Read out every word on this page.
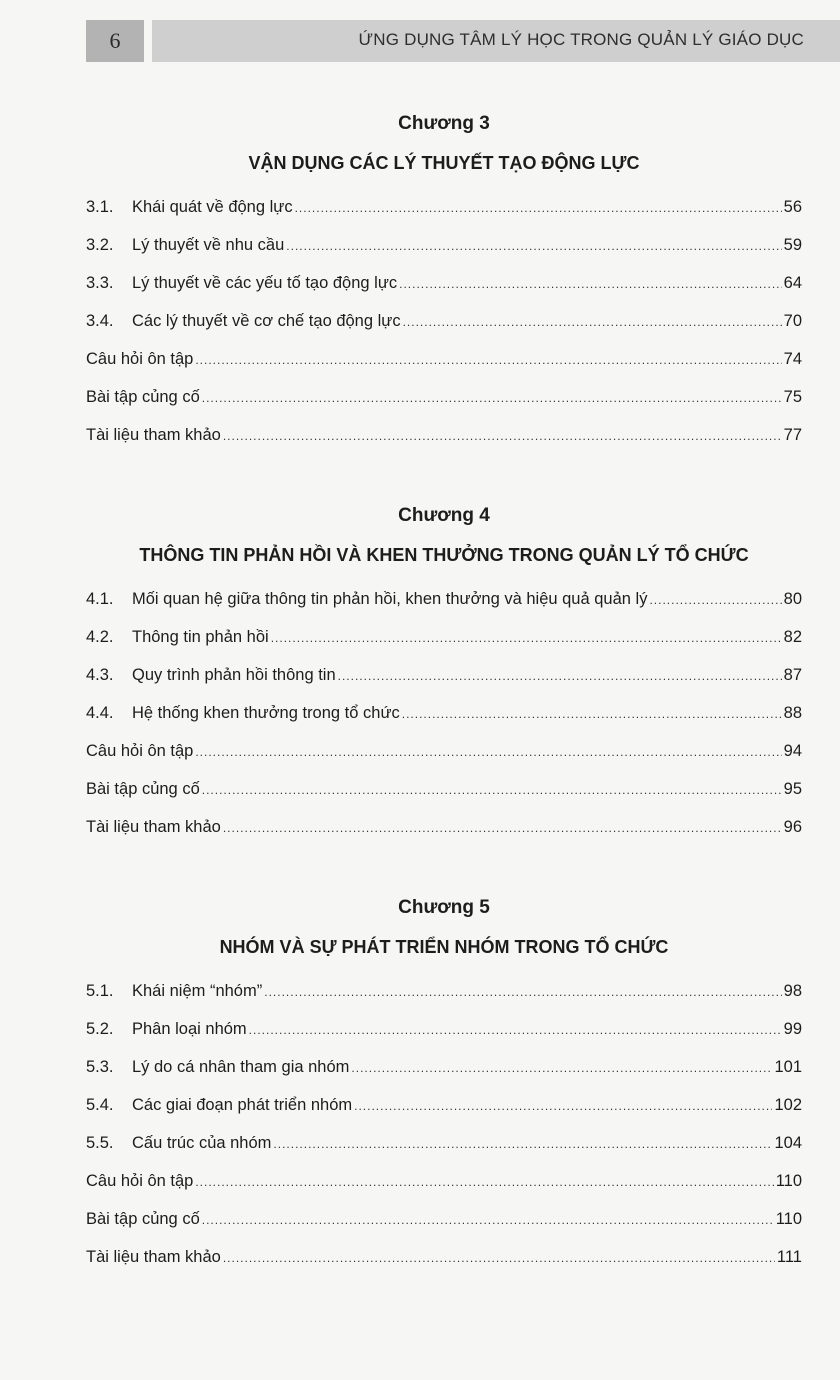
6	ỨNG DỤNG TÂM LÝ HỌC TRONG QUẢN LÝ GIÁO DỤC
Chương 3
VẬN DỤNG CÁC LÝ THUYẾT TẠO ĐỘNG LỰC
3.1.	Khái quát về động lực .....	56
3.2.	Lý thuyết về nhu cầu .....	59
3.3.	Lý thuyết về các yếu tố tạo động lực .....	64
3.4.	Các lý thuyết về cơ chế tạo động lực .....	70
Câu hỏi ôn tập .....	74
Bài tập củng cố .....	75
Tài liệu tham khảo .....	77
Chương 4
THÔNG TIN PHẢN HỒI VÀ KHEN THƯỞNG TRONG QUẢN LÝ TỔ CHỨC
4.1.	Mối quan hệ giữa thông tin phản hồi, khen thưởng và hiệu quả quản lý .....	80
4.2.	Thông tin phản hồi .....	82
4.3.	Quy trình phản hồi thông tin .....	87
4.4.	Hệ thống khen thưởng trong tổ chức .....	88
Câu hỏi ôn tập .....	94
Bài tập củng cố .....	95
Tài liệu tham khảo .....	96
Chương 5
NHÓM VÀ SỰ PHÁT TRIỂN NHÓM TRONG TỔ CHỨC
5.1.	Khái niệm “nhóm” .....	98
5.2.	Phân loại nhóm .....	99
5.3.	Lý do cá nhân tham gia nhóm .....	101
5.4.	Các giai đoạn phát triển nhóm .....	102
5.5.	Cấu trúc của nhóm .....	104
Câu hỏi ôn tập .....	110
Bài tập củng cố .....	110
Tài liệu tham khảo .....	111
